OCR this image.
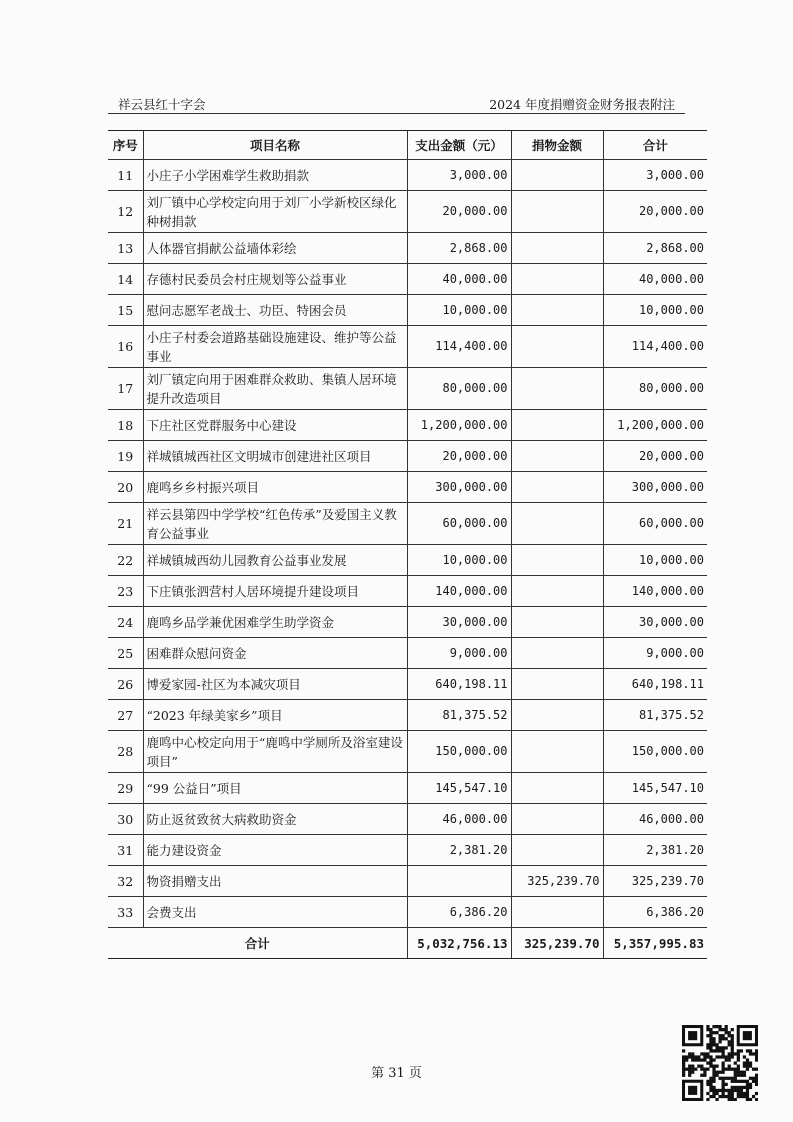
祥云县红十字会	2024 年度捐赠资金财务报表附注
序号	项目名称	支出金额（元）	捐物金额	合计
11	小庄子小学困难学生救助捐款	3,000.00		3,000.00
12	刘厂镇中心学校定向用于刘厂小学新校区绿化种树捐款	20,000.00		20,000.00
13	人体器官捐献公益墙体彩绘	2,868.00		2,868.00
14	存德村民委员会村庄规划等公益事业	40,000.00		40,000.00
15	慰问志愿军老战士、功臣、特困会员	10,000.00		10,000.00
16	小庄子村委会道路基础设施建设、维护等公益事业	114,400.00		114,400.00
17	刘厂镇定向用于困难群众救助、集镇人居环境提升改造项目	80,000.00		80,000.00
18	下庄社区党群服务中心建设	1,200,000.00		1,200,000.00
19	祥城镇城西社区文明城市创建进社区项目	20,000.00		20,000.00
20	鹿鸣乡乡村振兴项目	300,000.00		300,000.00
21	祥云县第四中学学校“红色传承”及爱国主义教育公益事业	60,000.00		60,000.00
22	祥城镇城西幼儿园教育公益事业发展	10,000.00		10,000.00
23	下庄镇张泗营村人居环境提升建设项目	140,000.00		140,000.00
24	鹿鸣乡品学兼优困难学生助学资金	30,000.00		30,000.00
25	困难群众慰问资金	9,000.00		9,000.00
26	博爱家园-社区为本减灾项目	640,198.11		640,198.11
27	“2023 年绿美家乡”项目	81,375.52		81,375.52
28	鹿鸣中心校定向用于“鹿鸣中学厕所及浴室建设项目”	150,000.00		150,000.00
29	“99 公益日”项目	145,547.10		145,547.10
30	防止返贫致贫大病救助资金	46,000.00		46,000.00
31	能力建设资金	2,381.20		2,381.20
32	物资捐赠支出		325,239.70	325,239.70
33	会费支出	6,386.20		6,386.20
合计		5,032,756.13	325,239.70	5,357,995.83
第 31 页
